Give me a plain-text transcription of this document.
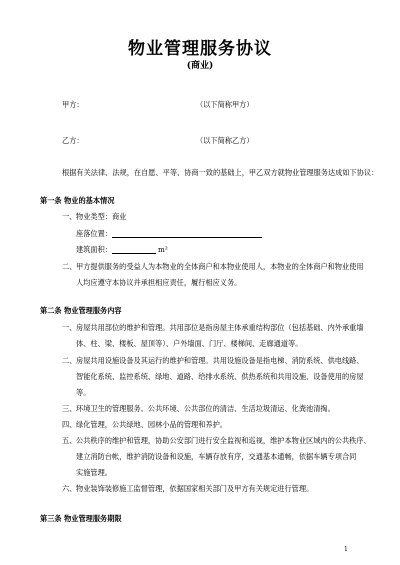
物业管理服务协议
(商业)
甲方：	（以下简称甲方）
乙方：	（以下简称乙方）
根据有关法律、法规，在自愿、平等、协商一致的基础上，甲乙双方就物业管理服务达成如下协议：
第一条 物业的基本情况
一、 物业类型：商业
座落位置：
建筑面积：	m²
二、 甲方提供服务的受益人为本物业的全体商户和本物业使用人，本物业的全体商户和物业使用
人均应遵守本协议并承担相应责任，履行相应义务。
第二条 物业管理服务内容
一、 房屋共用部位的维护和管理。共用部位是指房屋主体承重结构部位（包括基础、内外承重墙
体、柱、梁、楼板、屋顶等）、户外墙面、门厅、楼梯间、走廊通道等。
二、 房屋共用设施设备及其运行的维护和管理。共用设施设备是指电梯、消防系统、供电线路、
智能化系统、监控系统、绿地、道路、给排水系统、供热系统和共用设施、设备使用的房屋
等。
三、 环境卫生的管理服务。公共环境、公共部位的清洁、生活垃圾清运、化粪池清掏。
四、 绿化管理，公共绿地、园林小品的管理和养护。
五、 公共秩序的维护和管理，协助公安部门进行安全监视和巡视，维护本物业区域内的公共秩序、
建立消防台帐，维护消防设备和设施，车辆存放有序，交通基本通畅，依据车辆专项合同
实施管理。
六、 物业装饰装修施工监督管理，依据国家相关部门及甲方有关规定进行管理。
第三条 物业管理服务期限
1
